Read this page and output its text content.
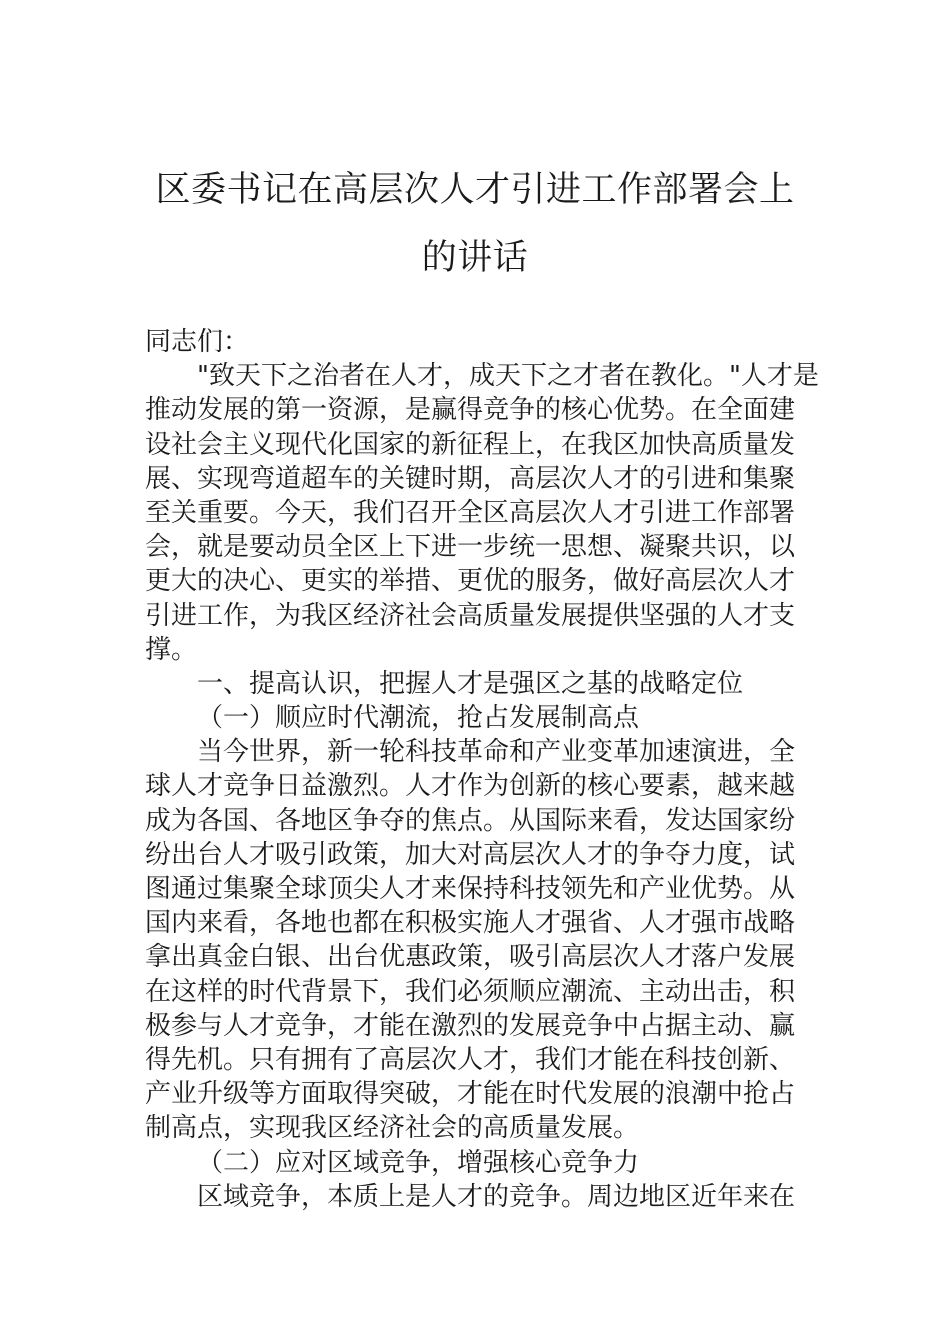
区委书记在高层次人才引进工作部署会上
的讲话
同志们：
"致天下之治者在人才，成天下之才者在教化。"人才是
推动发展的第一资源，是赢得竞争的核心优势。在全面建
设社会主义现代化国家的新征程上，在我区加快高质量发
展、实现弯道超车的关键时期，高层次人才的引进和集聚
至关重要。今天，我们召开全区高层次人才引进工作部署
会，就是要动员全区上下进一步统一思想、凝聚共识，以
更大的决心、更实的举措、更优的服务，做好高层次人才
引进工作，为我区经济社会高质量发展提供坚强的人才支
撑。
一、提高认识，把握人才是强区之基的战略定位
（一）顺应时代潮流，抢占发展制高点
当今世界，新一轮科技革命和产业变革加速演进，全
球人才竞争日益激烈。人才作为创新的核心要素，越来越
成为各国、各地区争夺的焦点。从国际来看，发达国家纷
纷出台人才吸引政策，加大对高层次人才的争夺力度，试
图通过集聚全球顶尖人才来保持科技领先和产业优势。从
国内来看，各地也都在积极实施人才强省、人才强市战略
拿出真金白银、出台优惠政策，吸引高层次人才落户发展
在这样的时代背景下，我们必须顺应潮流、主动出击，积
极参与人才竞争，才能在激烈的发展竞争中占据主动、赢
得先机。只有拥有了高层次人才，我们才能在科技创新、
产业升级等方面取得突破，才能在时代发展的浪潮中抢占
制高点，实现我区经济社会的高质量发展。
（二）应对区域竞争，增强核心竞争力
区域竞争，本质上是人才的竞争。周边地区近年来在
